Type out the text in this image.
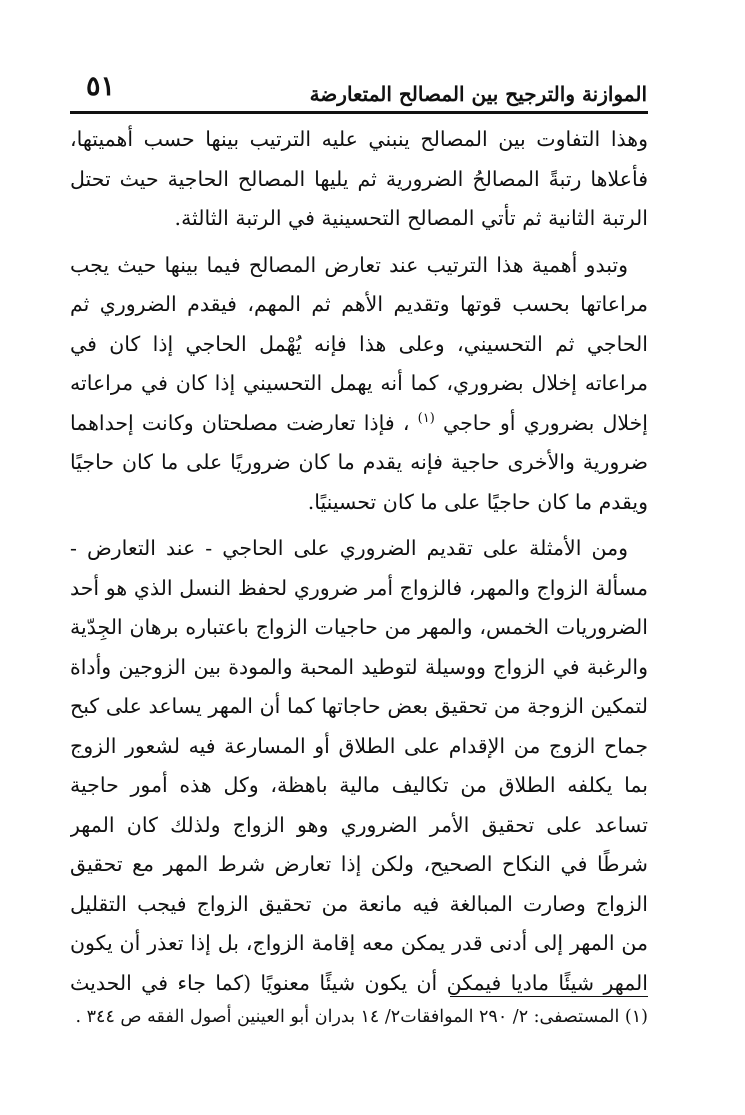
٥١	الموازنة والترجيح بين المصالح المتعارضة

وهذا التفاوت بين المصالح ينبني عليه الترتيب بينها حسب أهميتها، فأعلاها رتبةً المصالحُ الضرورية ثم يليها المصالح الحاجية حيث تحتل الرتبة الثانية ثم تأتي المصالح التحسينية في الرتبة الثالثة.

وتبدو أهمية هذا الترتيب عند تعارض المصالح فيما بينها حيث يجب مراعاتها بحسب قوتها وتقديم الأهم ثم المهم، فيقدم الضروري ثم الحاجي ثم التحسيني، وعلى هذا فإنه يُهْمل الحاجي إذا كان في مراعاته إخلال بضروري، كما أنه يهمل التحسيني إذا كان في مراعاته إخلال بضروري أو حاجي $^{(١)}$ ، فإذا تعارضت مصلحتان وكانت إحداهما ضرورية والأخرى حاجية فإنه يقدم ما كان ضروريًا على ما كان حاجيًا ويقدم ما كان حاجيًا على ما كان تحسينيًا.

ومن الأمثلة على تقديم الضروري على الحاجي - عند التعارض - مسألة الزواج والمهر، فالزواج أمر ضروري لحفظ النسل الذي هو أحد الضروريات الخمس، والمهر من حاجيات الزواج باعتباره برهان الجِدّية والرغبة في الزواج ووسيلة لتوطيد المحبة والمودة بين الزوجين وأداة لتمكين الزوجة من تحقيق بعض حاجاتها كما أن المهر يساعد على كبح جماح الزوج من الإقدام على الطلاق أو المسارعة فيه لشعور الزوج بما يكلفه الطلاق من تكاليف مالية باهظة، وكل هذه أمور حاجية تساعد على تحقيق الأمر الضروري وهو الزواج ولذلك كان المهر شرطًا في النكاح الصحيح، ولكن إذا تعارض شرط المهر مع تحقيق الزواج وصارت المبالغة فيه مانعة من تحقيق الزواج فيجب التقليل من المهر إلى أدنى قدر يمكن معه إقامة الزواج، بل إذا تعذر أن يكون المهر شيئًا ماديا فيمكن أن يكون شيئًا معنويًا (كما جاء في الحديث

(١) المستصفى: ٢/ ٢٩٠ الموافقات٢/ ١٤ بدران أبو العينين أصول الفقه ص ٣٤٤ .
